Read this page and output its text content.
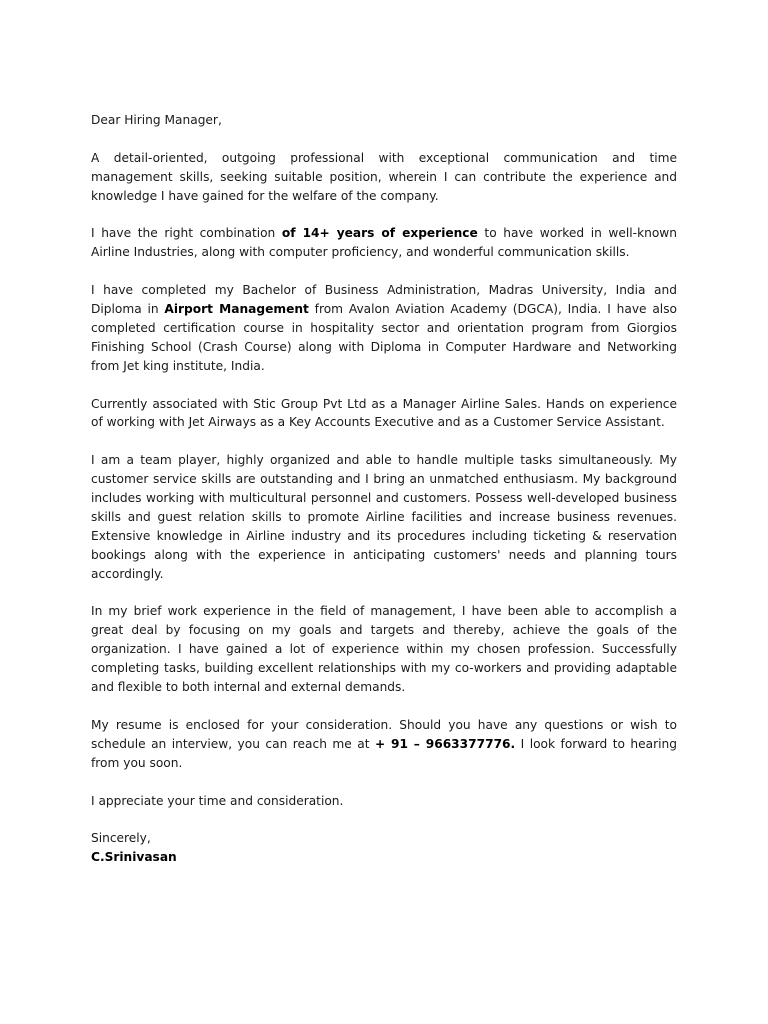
Dear Hiring Manager,

A detail-oriented, outgoing professional with exceptional communication and time management skills, seeking suitable position, wherein I can contribute the experience and knowledge I have gained for the welfare of the company.

I have the right combination of 14+ years of experience to have worked in well-known Airline Industries, along with computer proficiency, and wonderful communication skills.

I have completed my Bachelor of Business Administration, Madras University, India and Diploma in Airport Management from Avalon Aviation Academy (DGCA), India. I have also completed certification course in hospitality sector and orientation program from Giorgios Finishing School (Crash Course) along with Diploma in Computer Hardware and Networking from Jet king institute, India.

Currently associated with Stic Group Pvt Ltd as a Manager Airline Sales. Hands on experience of working with Jet Airways as a Key Accounts Executive and as a Customer Service Assistant.

I am a team player, highly organized and able to handle multiple tasks simultaneously. My customer service skills are outstanding and I bring an unmatched enthusiasm. My background includes working with multicultural personnel and customers. Possess well-developed business skills and guest relation skills to promote Airline facilities and increase business revenues. Extensive knowledge in Airline industry and its procedures including ticketing & reservation bookings along with the experience in anticipating customers' needs and planning tours accordingly.

In my brief work experience in the field of management, I have been able to accomplish a great deal by focusing on my goals and targets and thereby, achieve the goals of the organization. I have gained a lot of experience within my chosen profession. Successfully completing tasks, building excellent relationships with my co-workers and providing adaptable and flexible to both internal and external demands.

My resume is enclosed for your consideration. Should you have any questions or wish to schedule an interview, you can reach me at + 91 – 9663377776. I look forward to hearing from you soon.

I appreciate your time and consideration.

Sincerely,

C.Srinivasan
